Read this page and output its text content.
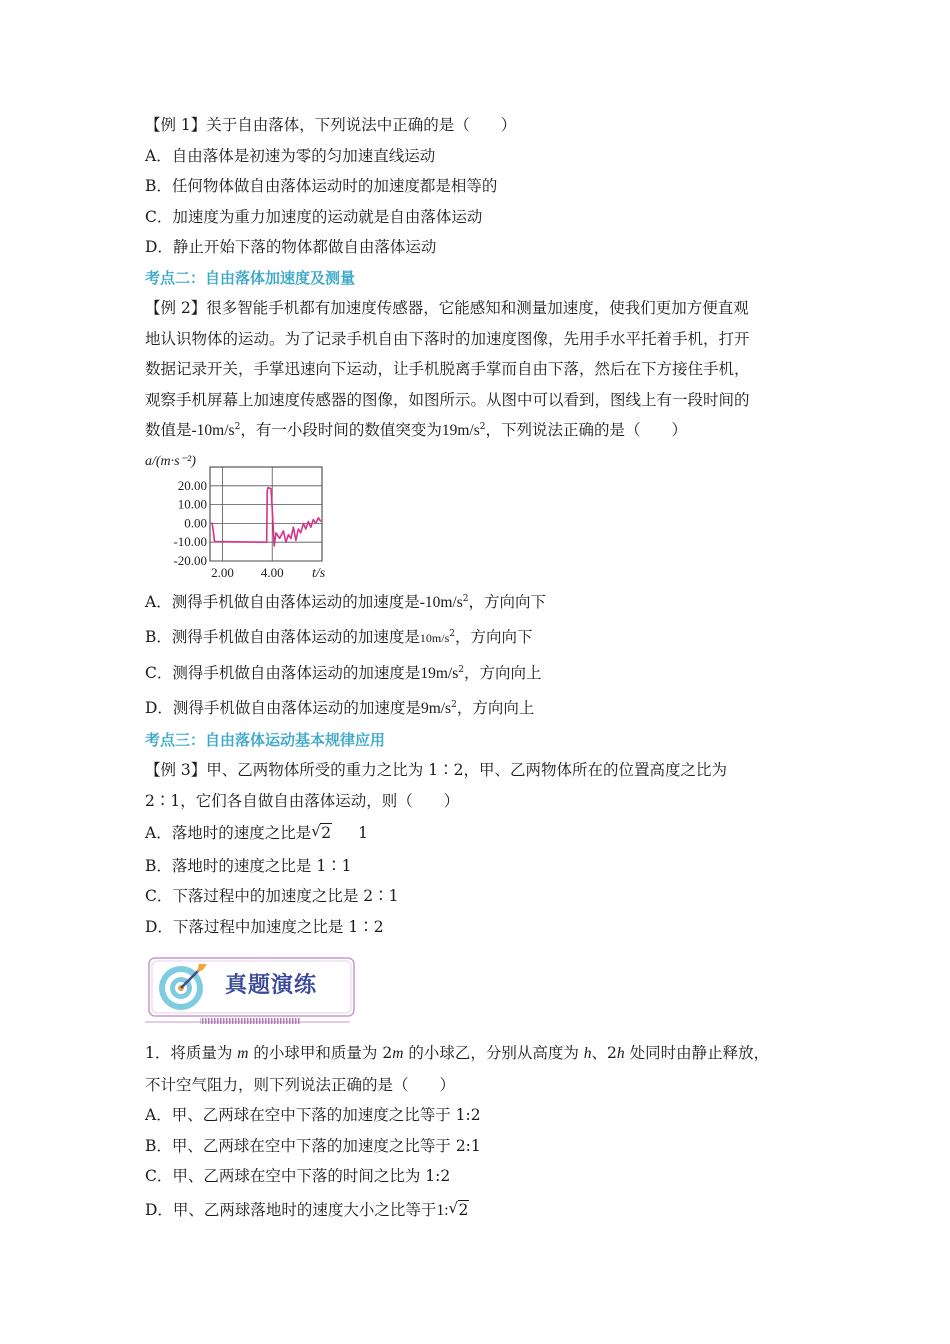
【例 1】关于自由落体，下列说法中正确的是（　　）
A．自由落体是初速为零的匀加速直线运动
B．任何物体做自由落体运动时的加速度都是相等的
C．加速度为重力加速度的运动就是自由落体运动
D．静止开始下落的物体都做自由落体运动
考点二：自由落体加速度及测量
【例 2】很多智能手机都有加速度传感器，它能感知和测量加速度，使我们更加方便直观
地认识物体的运动。为了记录手机自由下落时的加速度图像，先用手水平托着手机，打开
数据记录开关，手掌迅速向下运动，让手机脱离手掌而自由下落，然后在下方接住手机，
观察手机屏幕上加速度传感器的图像，如图所示。从图中可以看到，图线上有一段时间的
数值是$-10m/s^2$，有一小段时间的数值突变为$19m/s^2$，下列说法正确的是（　　）
20.00
10.00
0.00
-10.00
-20.00
2.00 4.00
a/(m·s⁻²)
t/s
A．测得手机做自由落体运动的加速度是$-10m/s^2$，方向向下
B．测得手机做自由落体运动的加速度是$10m/s^2$，方向向下
C．测得手机做自由落体运动的加速度是$19m/s^2$，方向向上
D．测得手机做自由落体运动的加速度是$9m/s^2$，方向向上
考点三：自由落体运动基本规律应用
【例 3】甲、乙两物体所受的重力之比为 1∶2，甲、乙两物体所在的位置高度之比为
2∶1，它们各自做自由落体运动，则（　　）
A．落地时的速度之比是 √ 2 1
B．落地时的速度之比是 1∶1
C．下落过程中的加速度之比是 2∶1
D．下落过程中加速度之比是 1∶2
真题演练
1．将质量为 m 的小球甲和质量为 2m 的小球乙，分别从高度为 h、2h 处同时由静止释放，
不计空气阻力，则下列说法正确的是（　　）
A．甲、乙两球在空中下落的加速度之比等于 1:2
B．甲、乙两球在空中下落的加速度之比等于 2:1
C．甲、乙两球在空中下落的时间之比为 1:2
D．甲、乙两球落地时的速度大小之比等于1: √ 2
